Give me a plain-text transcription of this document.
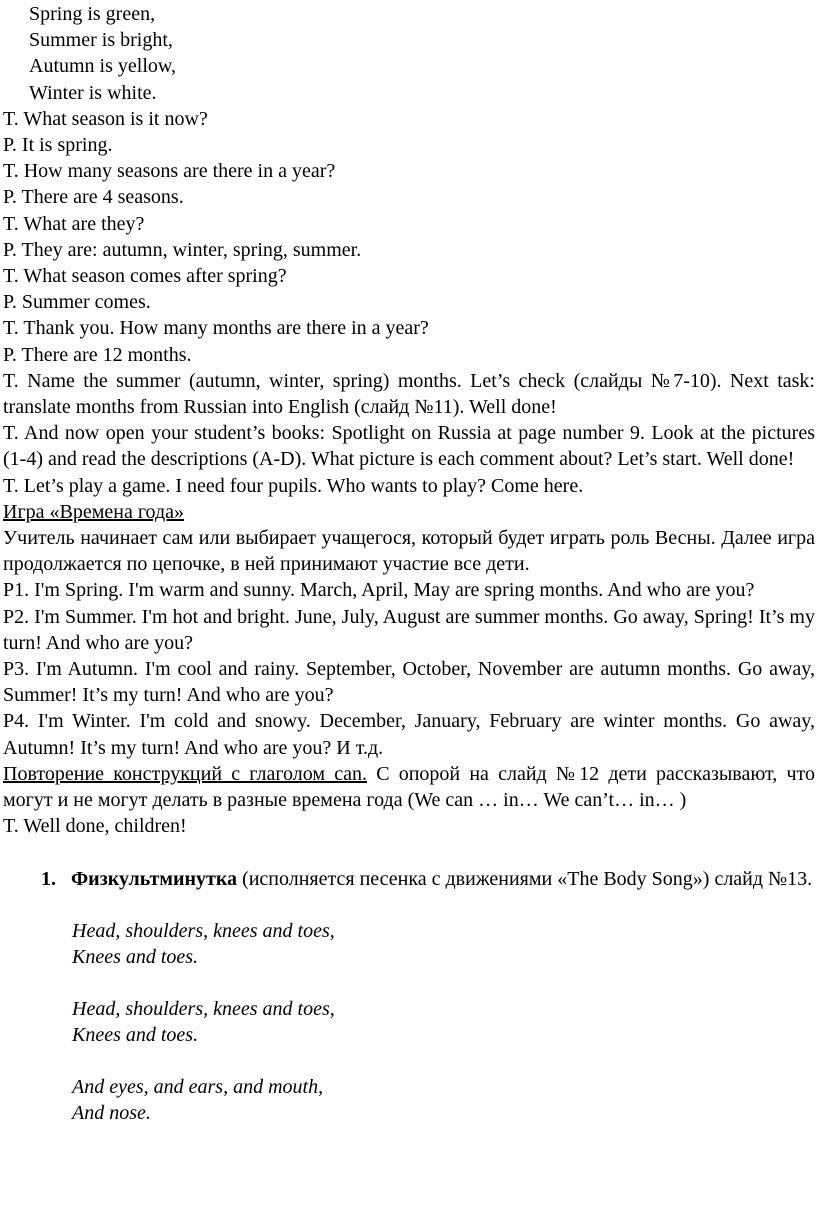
Spring is green,
Summer is bright,
Autumn is yellow,
Winter is white.
T. What season is it now?
P. It is spring.
T. How many seasons are there in a year?
P. There are 4 seasons.
T. What are they?
P. They are: autumn, winter, spring, summer.
T. What season comes after spring?
P. Summer comes.
T. Thank you. How many months are there in a year?
P. There are 12 months.
T. Name the summer (autumn, winter, spring) months. Let’s check (слайды №7-10). Next task: translate months from Russian into English (слайд №11). Well done!
T. And now open your student’s books: Spotlight on Russia at page number 9. Look at the pictures (1-4) and read the descriptions (A-D). What picture is each comment about? Let’s start. Well done!
T. Let’s play a game. I need four pupils. Who wants to play? Come here.
Игра «Времена года»
Учитель начинает сам или выбирает учащегося, который будет играть роль Весны. Далее игра продолжается по цепочке, в ней принимают участие все дети.
P1. I'm Spring. I'm warm and sunny. March, April, May are spring months. And who are you?
P2. I'm Summer. I'm hot and bright. June, July, August are summer months. Go away, Spring! It’s my turn! And who are you?
P3. I'm Autumn. I'm cool and rainy. September, October, November are autumn months. Go away, Summer! It’s my turn! And who are you?
P4. I'm Winter. I'm cold and snowy. December, January, February are winter months. Go away, Autumn! It’s my turn! And who are you? И т.д.
Повторение конструкций с глаголом can. С опорой на слайд №12 дети рассказывают, что могут и не могут делать в разные времена года (We can … in… We can’t… in… )
T. Well done, children!
1. Физкультминутка (исполняется песенка с движениями «The Body Song») слайд №13.
Head, shoulders, knees and toes,
Knees and toes.
Head, shoulders, knees and toes,
Knees and toes.
And eyes, and ears, and mouth,
And nose.
